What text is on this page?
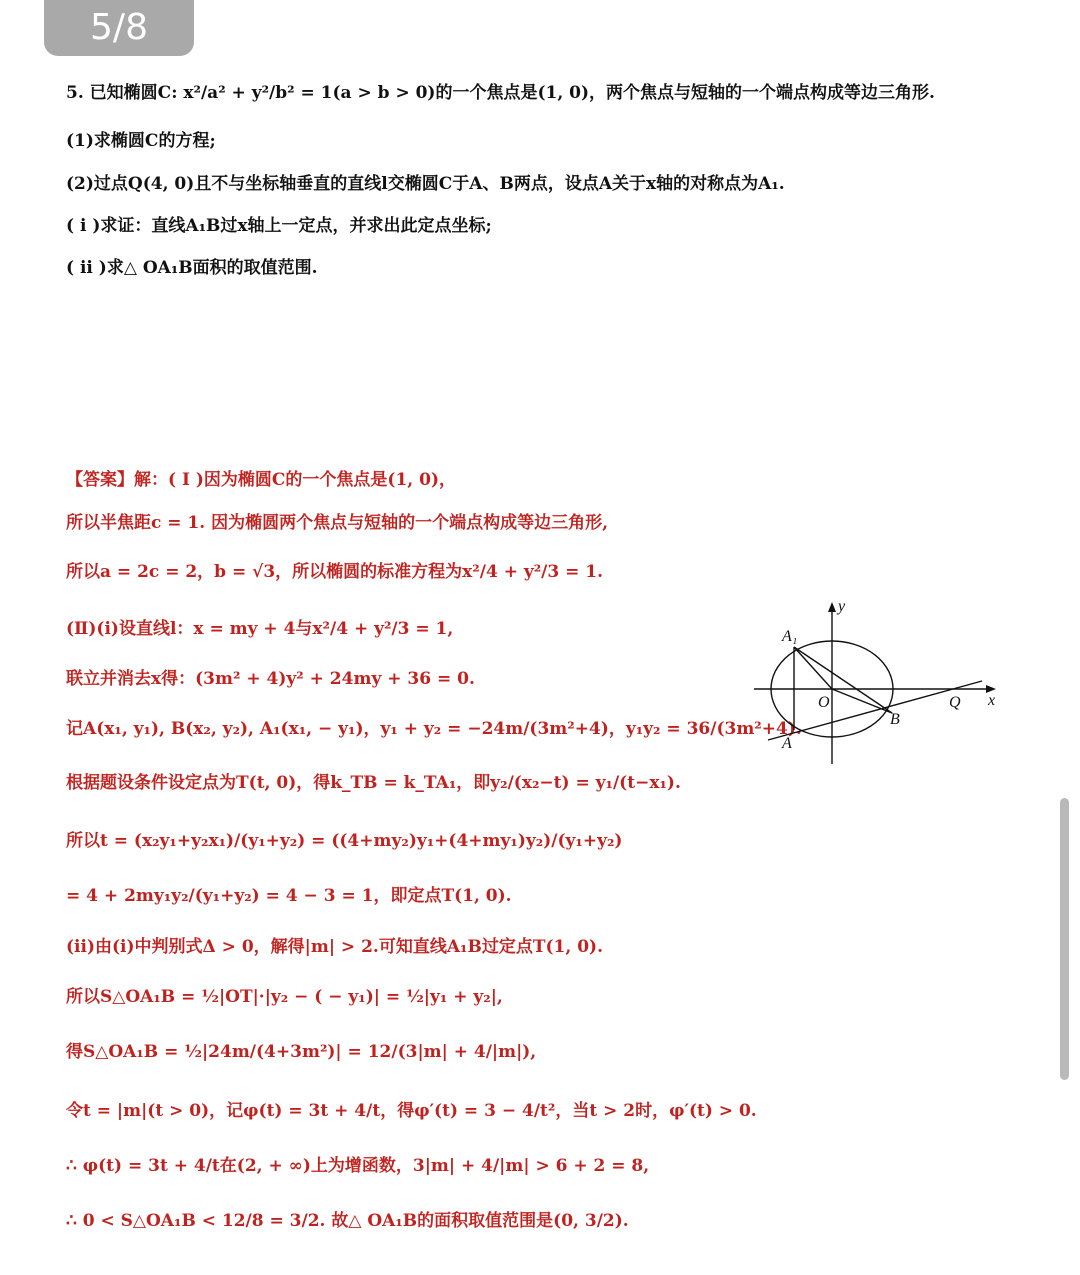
5/8
5. 已知椭圆C: x²/a² + y²/b² = 1(a > b > 0)的一个焦点是(1, 0)，两个焦点与短轴的一个端点构成等边三角形.
(1)求椭圆C的方程;
(2)过点Q(4, 0)且不与坐标轴垂直的直线l交椭圆C于A、B两点，设点A关于x轴的对称点为A₁.
( i )求证：直线A₁B过x轴上一定点，并求出此定点坐标;
( ii )求△ OA₁B面积的取值范围.
【答案】解：( I )因为椭圆C的一个焦点是(1, 0)，
所以半焦距c = 1. 因为椭圆两个焦点与短轴的一个端点构成等边三角形,
所以a = 2c = 2，b = √3，所以椭圆的标准方程为x²/4 + y²/3 = 1.
(Ⅱ)(i)设直线l：x = my + 4与x²/4 + y²/3 = 1,
联立并消去x得：(3m² + 4)y² + 24my + 36 = 0.
记A(x₁, y₁), B(x₂, y₂), A₁(x₁, − y₁)，y₁ + y₂ = −24m/(3m²+4)，y₁y₂ = 36/(3m²+4).
根据题设条件设定点为T(t, 0)，得k_TB = k_TA₁，即y₂/(x₂−t) = y₁/(t−x₁).
所以t = (x₂y₁+y₂x₁)/(y₁+y₂) = ((4+my₂)y₁+(4+my₁)y₂)/(y₁+y₂)
= 4 + 2my₁y₂/(y₁+y₂) = 4 − 3 = 1，即定点T(1, 0).
(ii)由(i)中判别式Δ > 0，解得|m| > 2.可知直线A₁B过定点T(1, 0).
所以S△OA₁B = ½|OT|·|y₂ − ( − y₁)| = ½|y₁ + y₂|,
得S△OA₁B = ½|24m/(4+3m²)| = 12/(3|m| + 4/|m|),
令t = |m|(t > 0)，记φ(t) = 3t + 4/t，得φ′(t) = 3 − 4/t²，当t > 2时，φ′(t) > 0.
∴ φ(t) = 3t + 4/t在(2, + ∞)上为增函数，3|m| + 4/|m| > 6 + 2 = 8,
∴ 0 < S△OA₁B < 12/8 = 3/2. 故△ OA₁B的面积取值范围是(0, 3/2).
y
x
A₁
O
B
Q
A
